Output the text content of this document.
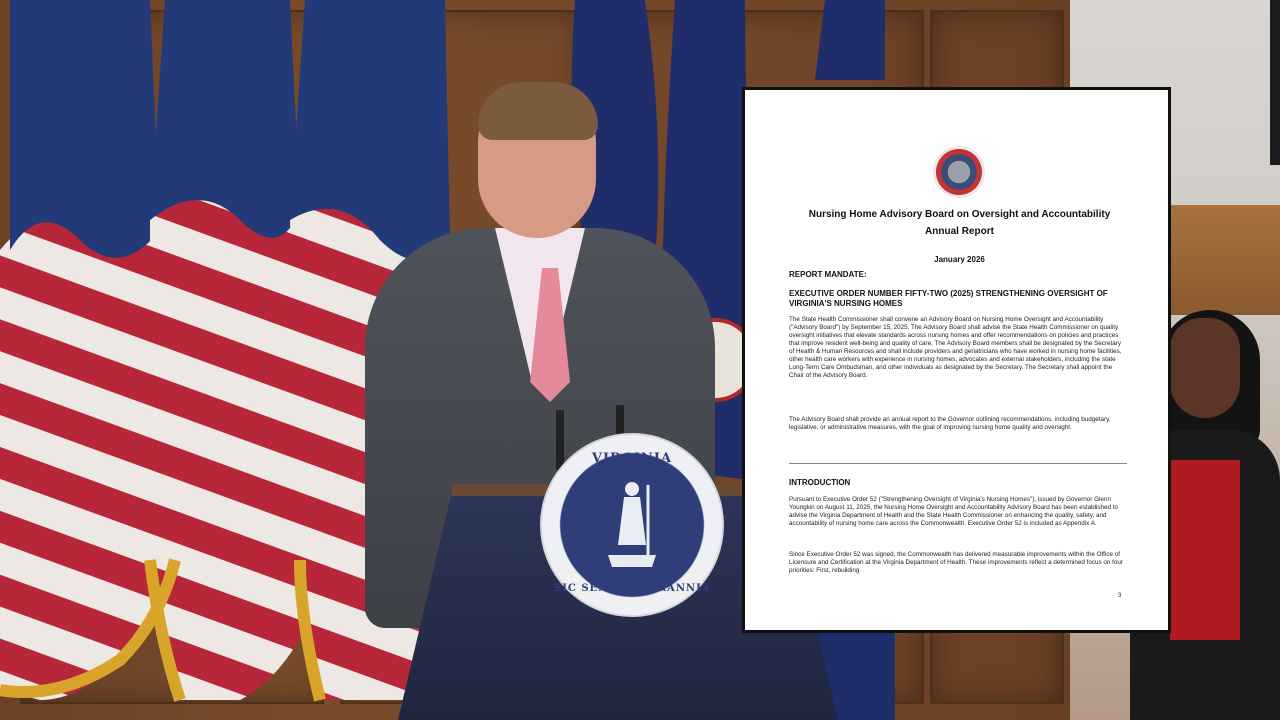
VIRGINIA
SIC SEMPER TYRANNIS
Nursing Home Advisory Board on Oversight and Accountability
Annual Report
January 2026
REPORT MANDATE:
EXECUTIVE ORDER NUMBER FIFTY-TWO (2025) STRENGTHENING OVERSIGHT OF VIRGINIA'S NURSING HOMES
The State Health Commissioner shall convene an Advisory Board on Nursing Home Oversight and Accountability ("Advisory Board") by September 15, 2025. The Advisory Board shall advise the State Health Commissioner on quality oversight initiatives that elevate standards across nursing homes and offer recommendations on policies and practices that improve resident well-being and quality of care. The Advisory Board members shall be designated by the Secretary of Health & Human Resources and shall include providers and geriatricians who have worked in nursing home facilities, other health care workers with experience in nursing homes, advocates and external stakeholders, including the state Long-Term Care Ombudsman, and other individuals as designated by the Secretary. The Secretary shall appoint the Chair of the Advisory Board.
The Advisory Board shall provide an annual report to the Governor outlining recommendations, including budgetary, legislative, or administrative measures, with the goal of improving nursing home quality and oversight.
INTRODUCTION
Pursuant to Executive Order 52 ("Strengthening Oversight of Virginia's Nursing Homes"), issued by Governor Glenn Youngkin on August 11, 2025, the Nursing Home Oversight and Accountability Advisory Board has been established to advise the Virginia Department of Health and the State Health Commissioner on enhancing the quality, safety, and accountability of nursing home care across the Commonwealth. Executive Order 52 is included as Appendix A.
Since Executive Order 52 was signed, the Commonwealth has delivered measurable improvements within the Office of Licensure and Certification at the Virginia Department of Health. These improvements reflect a determined focus on four priorities: First, rebuilding
3
